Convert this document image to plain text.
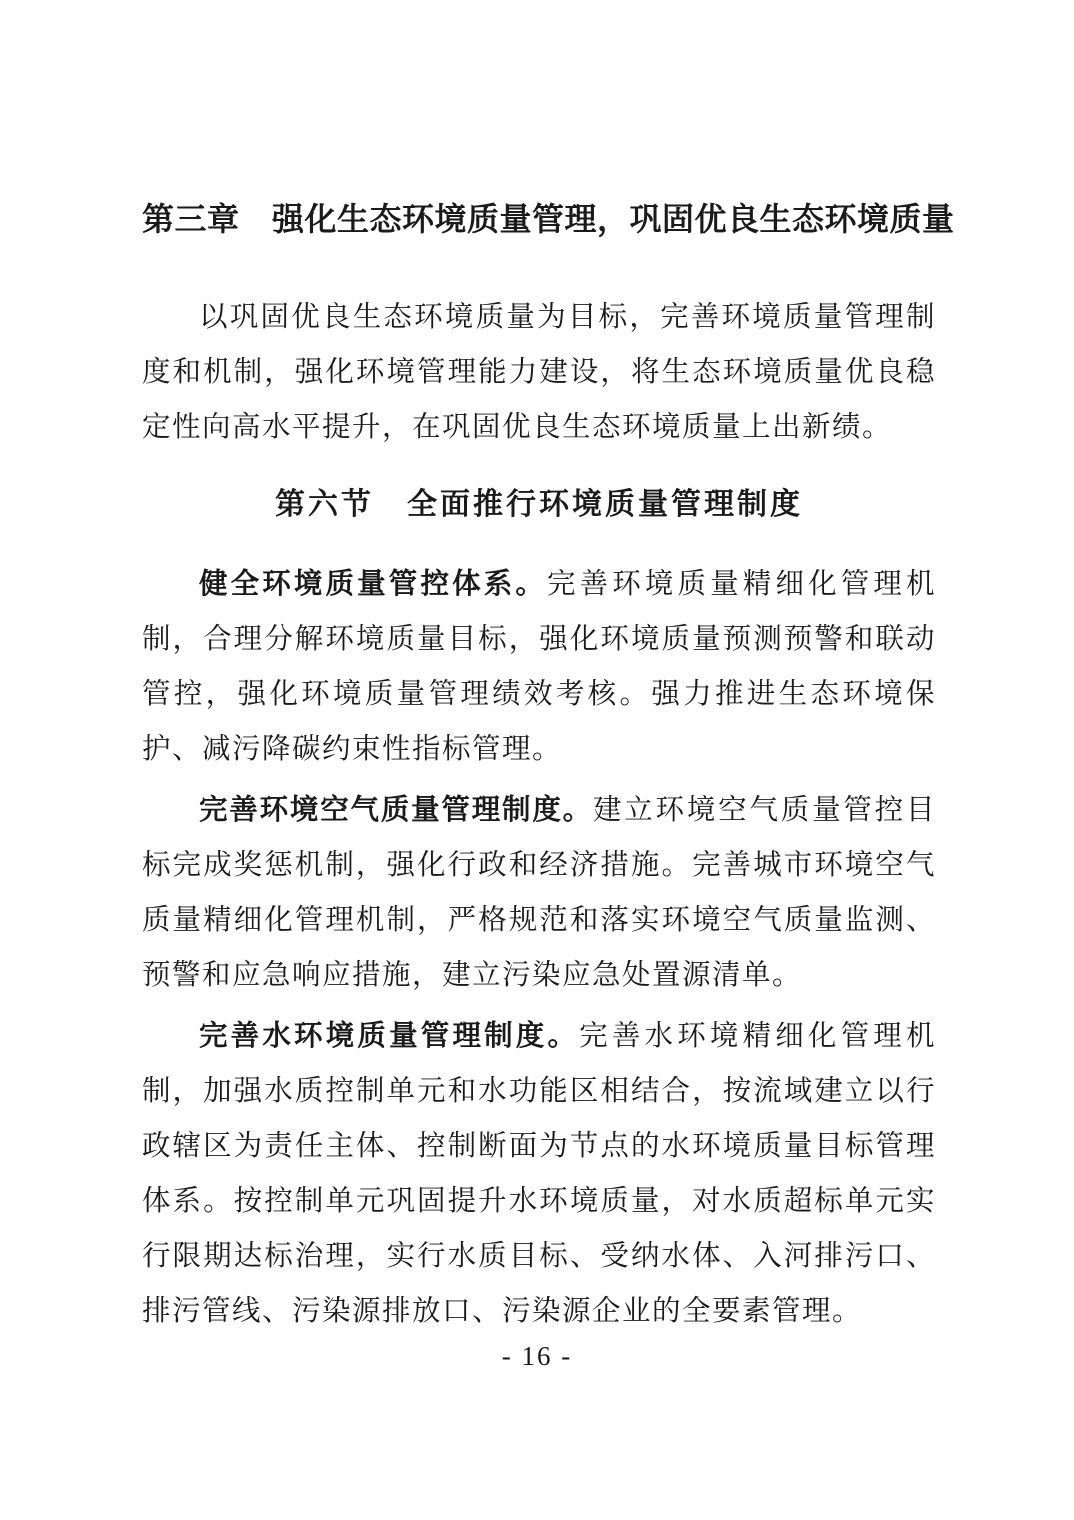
第三章　强化生态环境质量管理，巩固优良生态环境质量

以巩固优良生态环境质量为目标，完善环境质量管理制度和机制，强化环境管理能力建设，将生态环境质量优良稳定性向高水平提升，在巩固优良生态环境质量上出新绩。

第六节　全面推行环境质量管理制度

健全环境质量管控体系。完善环境质量精细化管理机制，合理分解环境质量目标，强化环境质量预测预警和联动管控，强化环境质量管理绩效考核。强力推进生态环境保护、减污降碳约束性指标管理。

完善环境空气质量管理制度。建立环境空气质量管控目标完成奖惩机制，强化行政和经济措施。完善城市环境空气质量精细化管理机制，严格规范和落实环境空气质量监测、预警和应急响应措施，建立污染应急处置源清单。

完善水环境质量管理制度。完善水环境精细化管理机制，加强水质控制单元和水功能区相结合，按流域建立以行政辖区为责任主体、控制断面为节点的水环境质量目标管理体系。按控制单元巩固提升水环境质量，对水质超标单元实行限期达标治理，实行水质目标、受纳水体、入河排污口、排污管线、污染源排放口、污染源企业的全要素管理。

- 16 -
